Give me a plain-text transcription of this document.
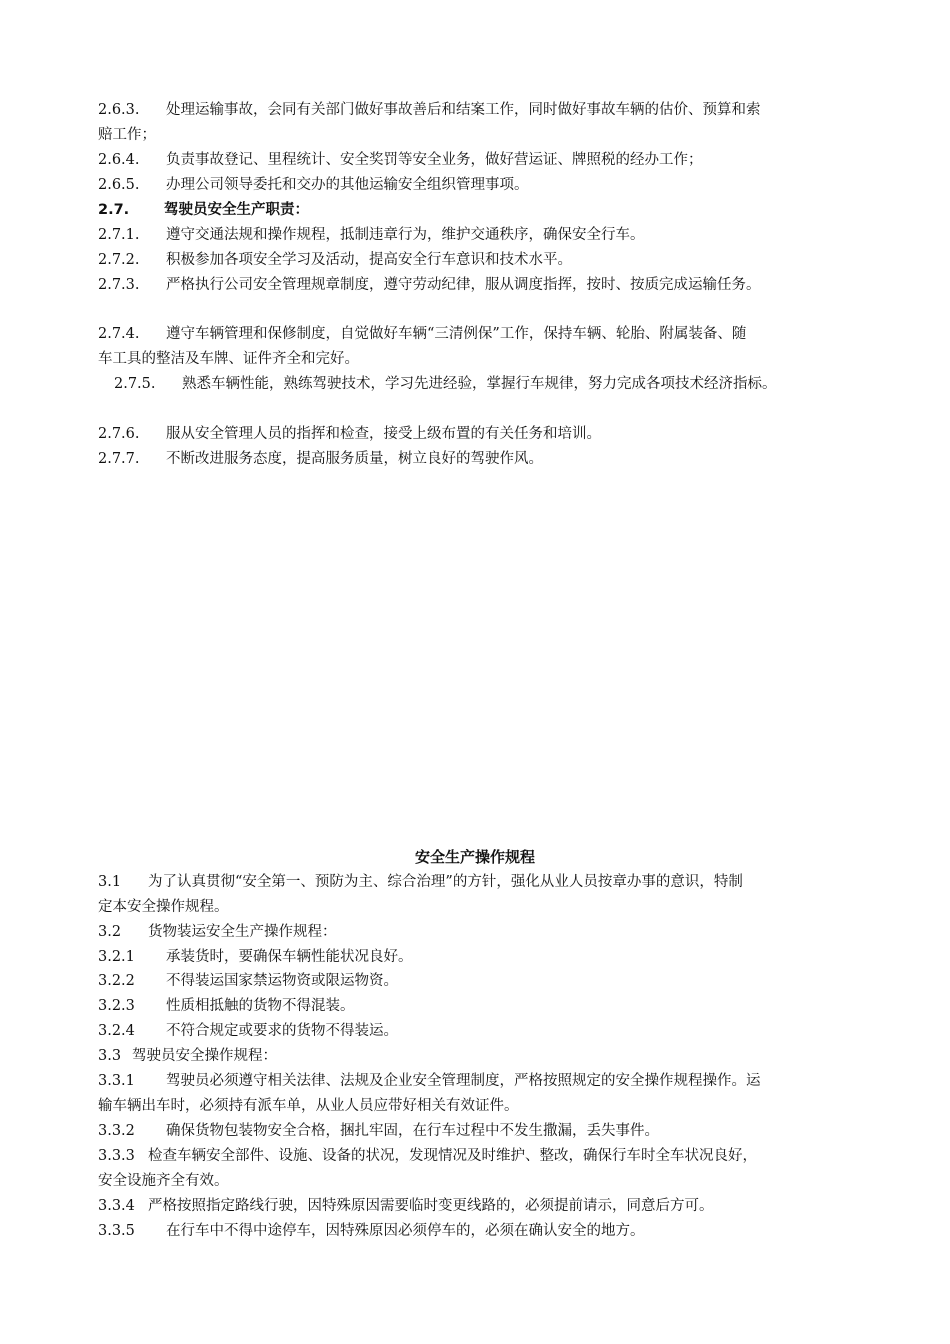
2.6.3. 处理运输事故，会同有关部门做好事故善后和结案工作，同时做好事故车辆的估价、预算和索
赔工作；
2.6.4. 负责事故登记、里程统计、安全奖罚等安全业务，做好营运证、牌照税的经办工作；
2.6.5. 办理公司领导委托和交办的其他运输安全组织管理事项。
2.7. 驾驶员安全生产职责：
2.7.1. 遵守交通法规和操作规程，抵制违章行为，维护交通秩序，确保安全行车。
2.7.2. 积极参加各项安全学习及活动，提高安全行车意识和技术水平。
2.7.3. 严格执行公司安全管理规章制度，遵守劳动纪律，服从调度指挥，按时、按质完成运输任务。
2.7.4. 遵守车辆管理和保修制度，自觉做好车辆“三清例保”工作，保持车辆、轮胎、附属装备、随
车工具的整洁及车牌、证件齐全和完好。
2.7.5. 熟悉车辆性能，熟练驾驶技术，学习先进经验，掌握行车规律，努力完成各项技术经济指标。
2.7.6. 服从安全管理人员的指挥和检查，接受上级布置的有关任务和培训。
2.7.7. 不断改进服务态度，提高服务质量，树立良好的驾驶作风。
安全生产操作规程
3.1 为了认真贯彻“安全第一、预防为主、综合治理”的方针，强化从业人员按章办事的意识，特制
定本安全操作规程。
3.2 货物装运安全生产操作规程：
3.2.1 承装货时，要确保车辆性能状况良好。
3.2.2 不得装运国家禁运物资或限运物资。
3.2.3 性质相抵触的货物不得混装。
3.2.4 不符合规定或要求的货物不得装运。
3.3 驾驶员安全操作规程：
3.3.1 驾驶员必须遵守相关法律、法规及企业安全管理制度，严格按照规定的安全操作规程操作。运
输车辆出车时，必须持有派车单，从业人员应带好相关有效证件。
3.3.2 确保货物包装物安全合格，捆扎牢固，在行车过程中不发生撒漏，丢失事件。
3.3.3 检查车辆安全部件、设施、设备的状况，发现情况及时维护、整改，确保行车时全车状况良好，
安全设施齐全有效。
3.3.4 严格按照指定路线行驶，因特殊原因需要临时变更线路的，必须提前请示，同意后方可。
3.3.5 在行车中不得中途停车，因特殊原因必须停车的，必须在确认安全的地方。
